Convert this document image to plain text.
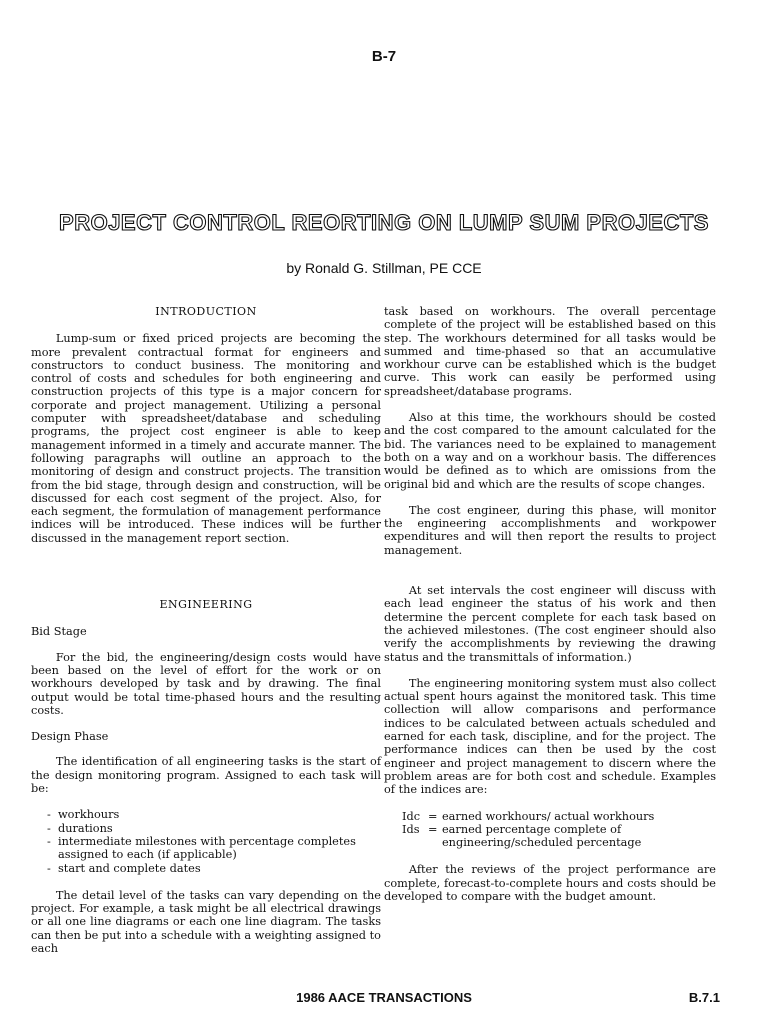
B-7
PROJECT CONTROL REORTING ON LUMP SUM PROJECTS
by Ronald G. Stillman, PE CCE
INTRODUCTION

Lump-sum or fixed priced projects are becoming the more prevalent contractual format for engineers and constructors to conduct business. The monitoring and control of costs and schedules for both engineering and construction projects of this type is a major concern for corporate and project management. Utilizing a personal computer with spreadsheet/database and scheduling programs, the project cost engineer is able to keep management informed in a timely and accurate manner. The following paragraphs will outline an approach to the monitoring of design and construct projects. The transition from the bid stage, through design and construction, will be discussed for each cost segment of the project. Also, for each segment, the formulation of management performance indices will be introduced. These indices will be further discussed in the management report section.

ENGINEERING
Bid Stage

For the bid, the engineering/design costs would have been based on the level of effort for the work or on workhours developed by task and by drawing. The final output would be total time-phased hours and the resulting costs.

Design Phase

The identification of all engineering tasks is the start of the design monitoring program. Assigned to each task will be:

- workhours
- durations
- intermediate milestones with percentage completes assigned to each (if applicable)
- start and complete dates

The detail level of the tasks can vary depending on the project. For example, a task might be all electrical drawings or all one line diagrams or each one line diagram. The tasks can then be put into a schedule with a weighting assigned to each

task based on workhours. The overall percentage complete of the project will be established based on this step. The workhours determined for all tasks would be summed and time-phased so that an accumulative workhour curve can be established which is the budget curve. This work can easily be performed using spreadsheet/database programs.

Also at this time, the workhours should be costed and the cost compared to the amount calculated for the bid. The variances need to be explained to management both on a way and on a workhour basis. The differences would be defined as to which are omissions from the original bid and which are the results of scope changes.

The cost engineer, during this phase, will monitor the engineering accomplishments and workpower expenditures and will then report the results to project management.

At set intervals the cost engineer will discuss with each lead engineer the status of his work and then determine the percent complete for each task based on the achieved milestones. (The cost engineer should also verify the accomplishments by reviewing the drawing status and the transmittals of information.)

The engineering monitoring system must also collect actual spent hours against the monitored task. This time collection will allow comparisons and performance indices to be calculated between actuals scheduled and earned for each task, discipline, and for the project. The performance indices can then be used by the cost engineer and project management to discern where the problem areas are for both cost and schedule. Examples of the indices are:

Idc = earned workhours/ actual workhours
Ids = earned percentage complete of engineering/scheduled percentage

After the reviews of the project performance are complete, forecast-to-complete hours and costs should be developed to compare with the budget amount.

1986 AACE TRANSACTIONS	B.7.1
